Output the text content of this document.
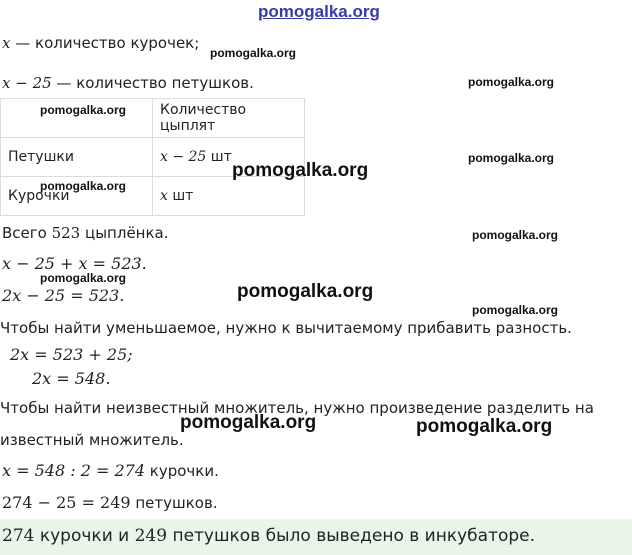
pomogalka.org
x — количество курочек;
x − 25 — количество петушков.
	Количество цыплят
Петушки	x − 25 шт
Курочки	x шт
Всего 523 цыплёнка.
x − 25 + x = 523.
2x − 25 = 523.
Чтобы найти уменьшаемое, нужно к вычитаемому прибавить разность.
2x = 523 + 25;
2x = 548.
Чтобы найти неизвестный множитель, нужно произведение разделить на
известный множитель.
x = 548 : 2 = 274 курочки.
274 − 25 = 249 петушков.
274 курочки и 249 петушков было выведено в инкубаторе.
pomogalka.org
pomogalka.org
pomogalka.org
pomogalka.org
pomogalka.org
pomogalka.org
pomogalka.org
pomogalka.org
pomogalka.org
pomogalka.org
pomogalka.org	pomogalka.org
